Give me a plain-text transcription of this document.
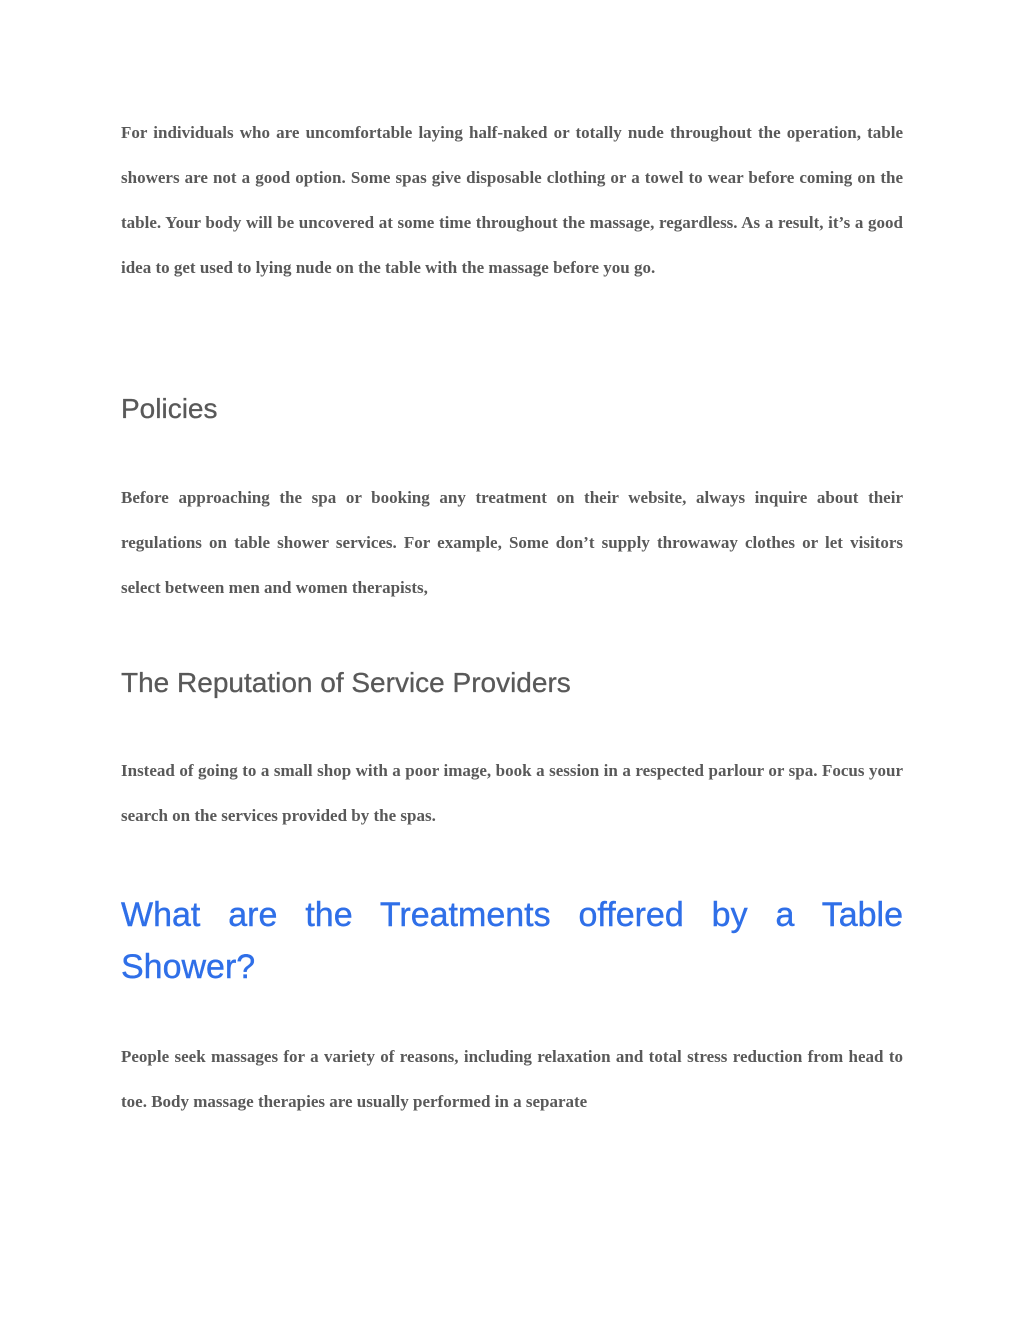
For individuals who are uncomfortable laying half-naked or totally nude throughout the operation, table showers are not a good option. Some spas give disposable clothing or a towel to wear before coming on the table. Your body will be uncovered at some time throughout the massage, regardless. As a result, it’s a good idea to get used to lying nude on the table with the massage before you go.

Policies

Before approaching the spa or booking any treatment on their website, always inquire about their regulations on table shower services. For example, Some don’t supply throwaway clothes or let visitors select between men and women therapists,

The Reputation of Service Providers

Instead of going to a small shop with a poor image, book a session in a respected parlour or spa. Focus your search on the services provided by the spas.

What are the Treatments offered by a Table Shower?

People seek massages for a variety of reasons, including relaxation and total stress reduction from head to toe. Body massage therapies are usually performed in a separate
